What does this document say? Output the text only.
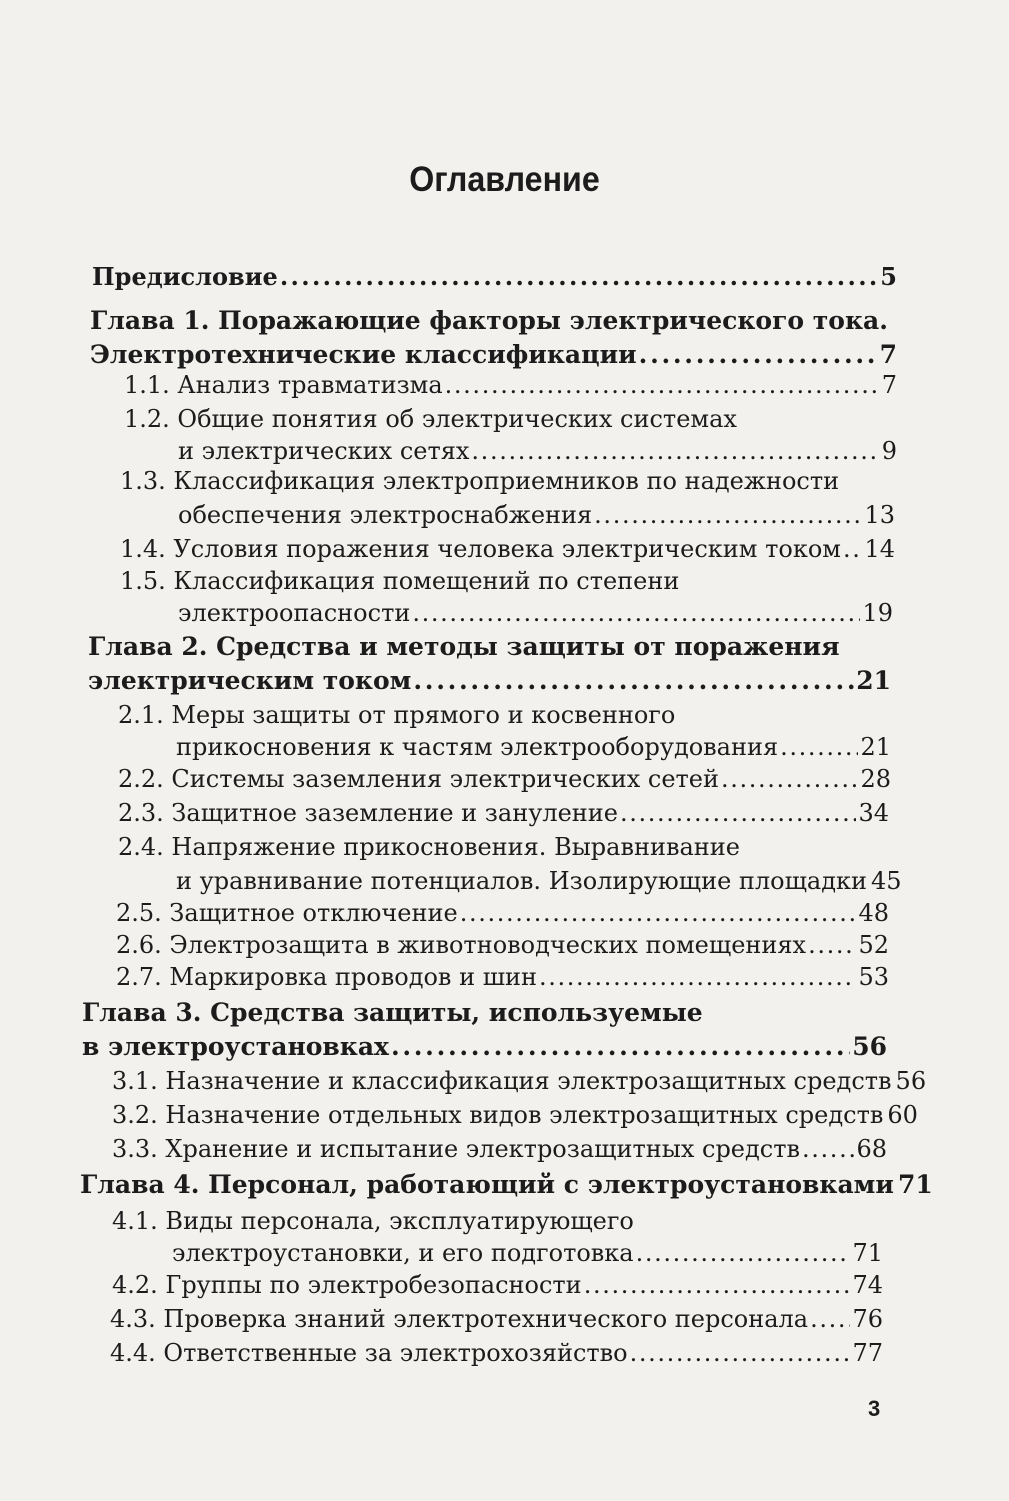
Оглавление
Предисловие . . .	5
Глава 1. Поражающие факторы электрического тока.
Электротехнические классификации . . .	7
1.1. Анализ травматизма . . .	7
1.2. Общие понятия об электрических системах
и электрических сетях . . .	9
1.3. Классификация электроприемников по надежности
обеспечения электроснабжения . . .	13
1.4. Условия поражения человека электрическим током . . . 14
1.5. Классификация помещений по степени
электроопасности . . .	19
Глава 2. Средства и методы защиты от поражения
электрическим током . . .	21
2.1. Меры защиты от прямого и косвенного
прикосновения к частям электрооборудования . . .	21
2.2. Системы заземления электрических сетей . . .	28
2.3. Защитное заземление и зануление . . .	34
2.4. Напряжение прикосновения. Выравнивание
и уравнивание потенциалов. Изолирующие площадки 45
2.5. Защитное отключение . . .	48
2.6. Электрозащита в животноводческих помещениях . . . 52
2.7. Маркировка проводов и шин . . .	53
Глава 3. Средства защиты, используемые
в электроустановках . . .	56
3.1. Назначение и классификация электрозащитных средств 56
3.2. Назначение отдельных видов электрозащитных средств 60
3.3. Хранение и испытание электрозащитных средств . . . 68
Глава 4. Персонал, работающий с электроустановками 71
4.1. Виды персонала, эксплуатирующего
электроустановки, и его подготовка . . .	71
4.2. Группы по электробезопасности . . .	74
4.3. Проверка знаний электротехнического персонала . . . 76
4.4. Ответственные за электрохозяйство . . .	77
3
